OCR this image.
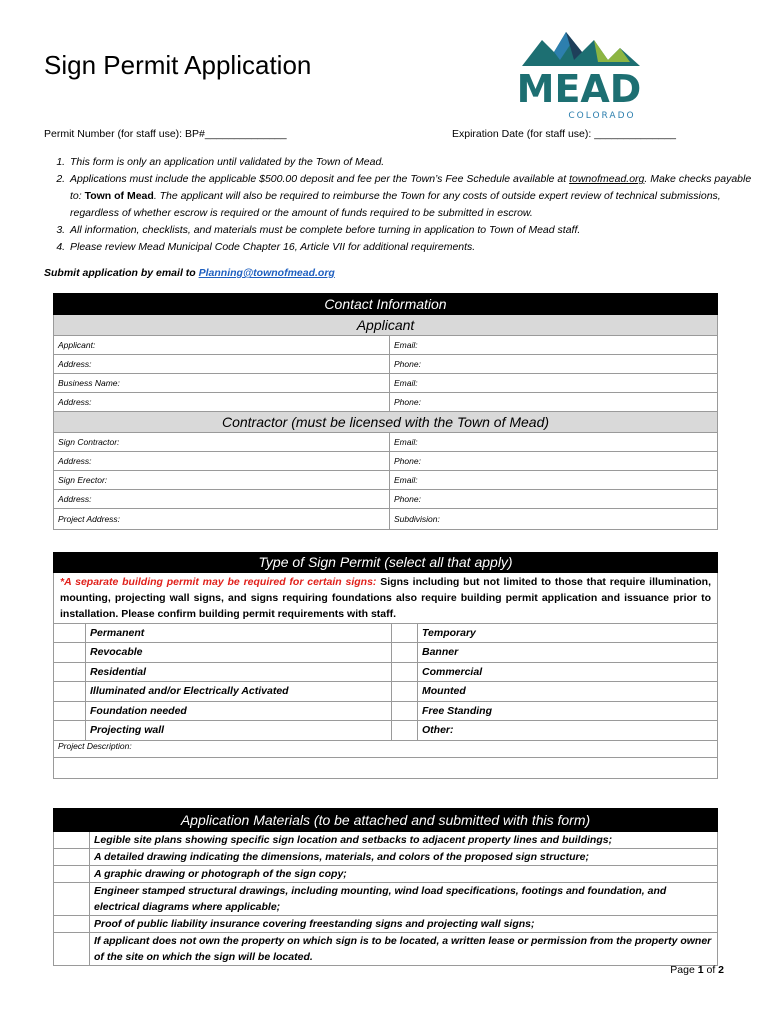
Sign Permit Application
MEAD
COLORADO
Permit Number (for staff use): BP#______________	Expiration Date (for staff use): ______________
1. This form is only an application until validated by the Town of Mead.
2. Applications must include the applicable $500.00 deposit and fee per the Town’s Fee Schedule available at townofmead.org. Make checks payable to: Town of Mead. The applicant will also be required to reimburse the Town for any costs of outside expert review of technical submissions, regardless of whether escrow is required or the amount of funds required to be submitted in escrow.
3. All information, checklists, and materials must be complete before turning in application to Town of Mead staff.
4. Please review Mead Municipal Code Chapter 16, Article VII for additional requirements.
Submit application by email to Planning@townofmead.org
Contact Information	
Applicant	
Applicant:	Email:
Address:	Phone:
Business Name:	Email:
Address:	Phone:
Contractor (must be licensed with the Town of Mead)	
Sign Contractor:	Email:
Address:	Phone:
Sign Erector:	Email:
Address:	Phone:
Project Address:	Subdivision:
Type of Sign Permit (select all that apply)			
*A separate building permit may be required for certain signs: Signs including but not limited to those that require illumination, mounting, projecting wall signs, and signs requiring foundations also require building permit application and issuance prior to installation. Please confirm building permit requirements with staff.			
	Permanent		Temporary
	Revocable		Banner
	Residential		Commercial
	Illuminated and/or Electrically Activated		Mounted
	Foundation needed		Free Standing
	Projecting wall		Other:
Project Description:			

Application Materials (to be attached and submitted with this form)	
	Legible site plans showing specific sign location and setbacks to adjacent property lines and buildings;
	A detailed drawing indicating the dimensions, materials, and colors of the proposed sign structure;
	A graphic drawing or photograph of the sign copy;
	Engineer stamped structural drawings, including mounting, wind load specifications, footings and foundation, and electrical diagrams where applicable;
	Proof of public liability insurance covering freestanding signs and projecting wall signs;
	If applicant does not own the property on which sign is to be located, a written lease or permission from the property owner of the site on which the sign will be located.
Page 1 of 2
